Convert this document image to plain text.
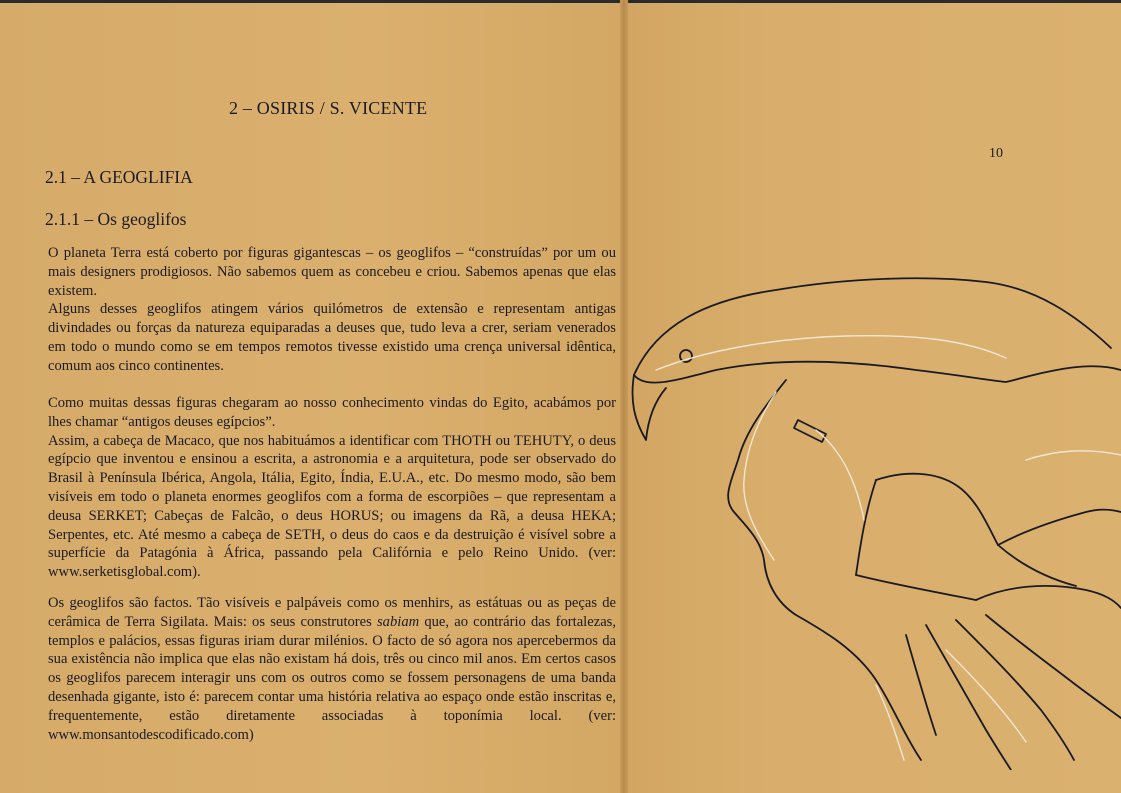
2 – OSIRIS / S. VICENTE
2.1 – A GEOGLIFIA
2.1.1 – Os geoglifos

O planeta Terra está coberto por figuras gigantescas – os geoglifos – “construídas” por um ou mais designers prodigiosos. Não sabemos quem as concebeu e criou. Sabemos apenas que elas existem.

Alguns desses geoglifos atingem vários quilómetros de extensão e representam antigas divindades ou forças da natureza equiparadas a deuses que, tudo leva a crer, seriam venerados em todo o mundo como se em tempos remotos tivesse existido uma crença universal idêntica, comum aos cinco continentes.

Como muitas dessas figuras chegaram ao nosso conhecimento vindas do Egito, acabámos por lhes chamar “antigos deuses egípcios”.

Assim, a cabeça de Macaco, que nos habituámos a identificar com THOTH ou TEHUTY, o deus egípcio que inventou e ensinou a escrita, a astronomia e a arquitetura, pode ser observado do Brasil à Península Ibérica, Angola, Itália, Egito, Índia, E.U.A., etc. Do mesmo modo, são bem visíveis em todo o planeta enormes geoglifos com a forma de escorpiões – que representam a deusa SERKET; Cabeças de Falcão, o deus HORUS; ou imagens da Rã, a deusa HEKA; Serpentes, etc. Até mesmo a cabeça de SETH, o deus do caos e da destruição é visível sobre a superfície da Patagónia à África, passando pela Califórnia e pelo Reino Unido. (ver: www.serketisglobal.com).

Os geoglifos são factos. Tão visíveis e palpáveis como os menhirs, as estátuas ou as peças de cerâmica de Terra Sigilata. Mais: os seus construtores sabiam que, ao contrário das fortalezas, templos e palácios, essas figuras iriam durar milénios. O facto de só agora nos apercebermos da sua existência não implica que elas não existam há dois, três ou cinco mil anos. Em certos casos os geoglifos parecem interagir uns com os outros como se fossem personagens de uma banda desenhada gigante, isto é: parecem contar uma história relativa ao espaço onde estão inscritas e, frequentemente, estão diretamente associadas à toponímia local. (ver: www.monsantodescodificado.com)

10
